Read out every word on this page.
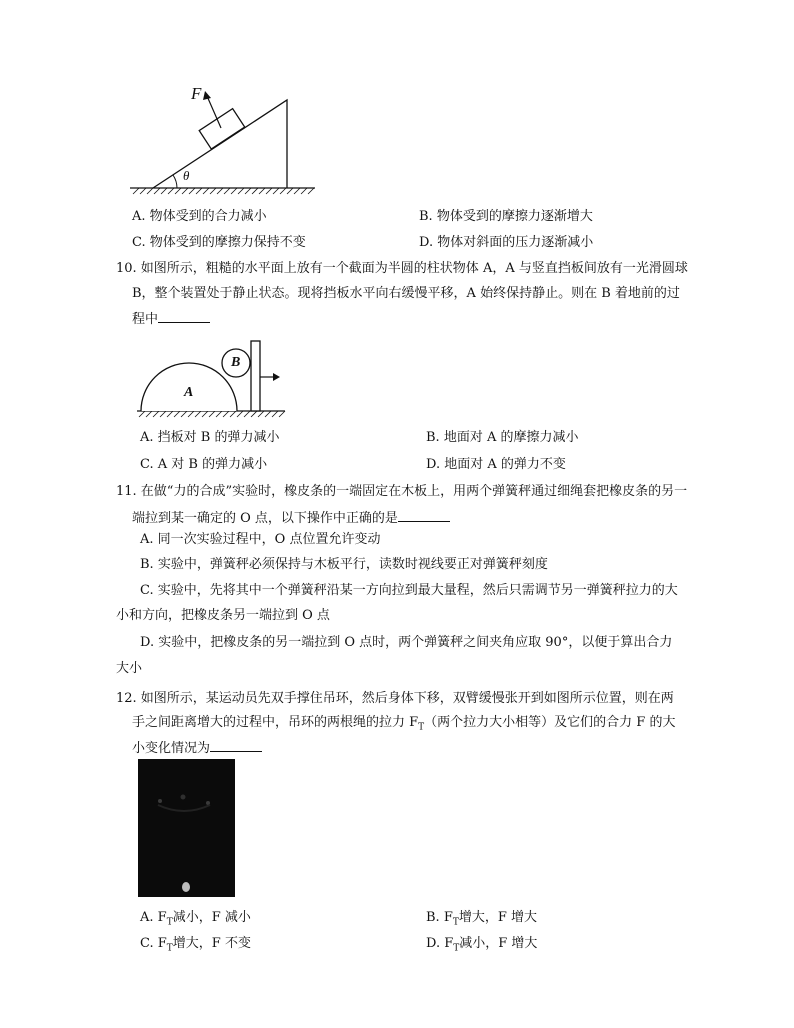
F
θ
A. 物体受到的合力减小	B. 物体受到的摩擦力逐渐增大
C. 物体受到的摩擦力保持不变	D. 物体对斜面的压力逐渐减小
10. 如图所示，粗糙的水平面上放有一个截面为半圆的柱状物体 A，A 与竖直挡板间放有一光滑圆球
B，整个装置处于静止状态。现将挡板水平向右缓慢平移，A 始终保持静止。则在 B 着地前的过
程中
A
B
A. 挡板对 B 的弹力减小	B. 地面对 A 的摩擦力减小
C. A 对 B 的弹力减小	D. 地面对 A 的弹力不变
11. 在做“力的合成”实验时，橡皮条的一端固定在木板上，用两个弹簧秤通过细绳套把橡皮条的另一
端拉到某一确定的 O 点，以下操作中正确的是
A. 同一次实验过程中，O 点位置允许变动
B. 实验中，弹簧秤必须保持与木板平行，读数时视线要正对弹簧秤刻度
C. 实验中，先将其中一个弹簧秤沿某一方向拉到最大量程，然后只需调节另一弹簧秤拉力的大
小和方向，把橡皮条另一端拉到 O 点
D. 实验中，把橡皮条的另一端拉到 O 点时，两个弹簧秤之间夹角应取 90°，以便于算出合力
大小
12. 如图所示，某运动员先双手撑住吊环，然后身体下移，双臂缓慢张开到如图所示位置，则在两
手之间距离增大的过程中，吊环的两根绳的拉力 $F_T$（两个拉力大小相等）及它们的合力 F 的大
小变化情况为
A. $F_T$减小，F 减小	B. $F_T$增大，F 增大
C. $F_T$增大，F 不变	D. $F_T$减小，F 增大
